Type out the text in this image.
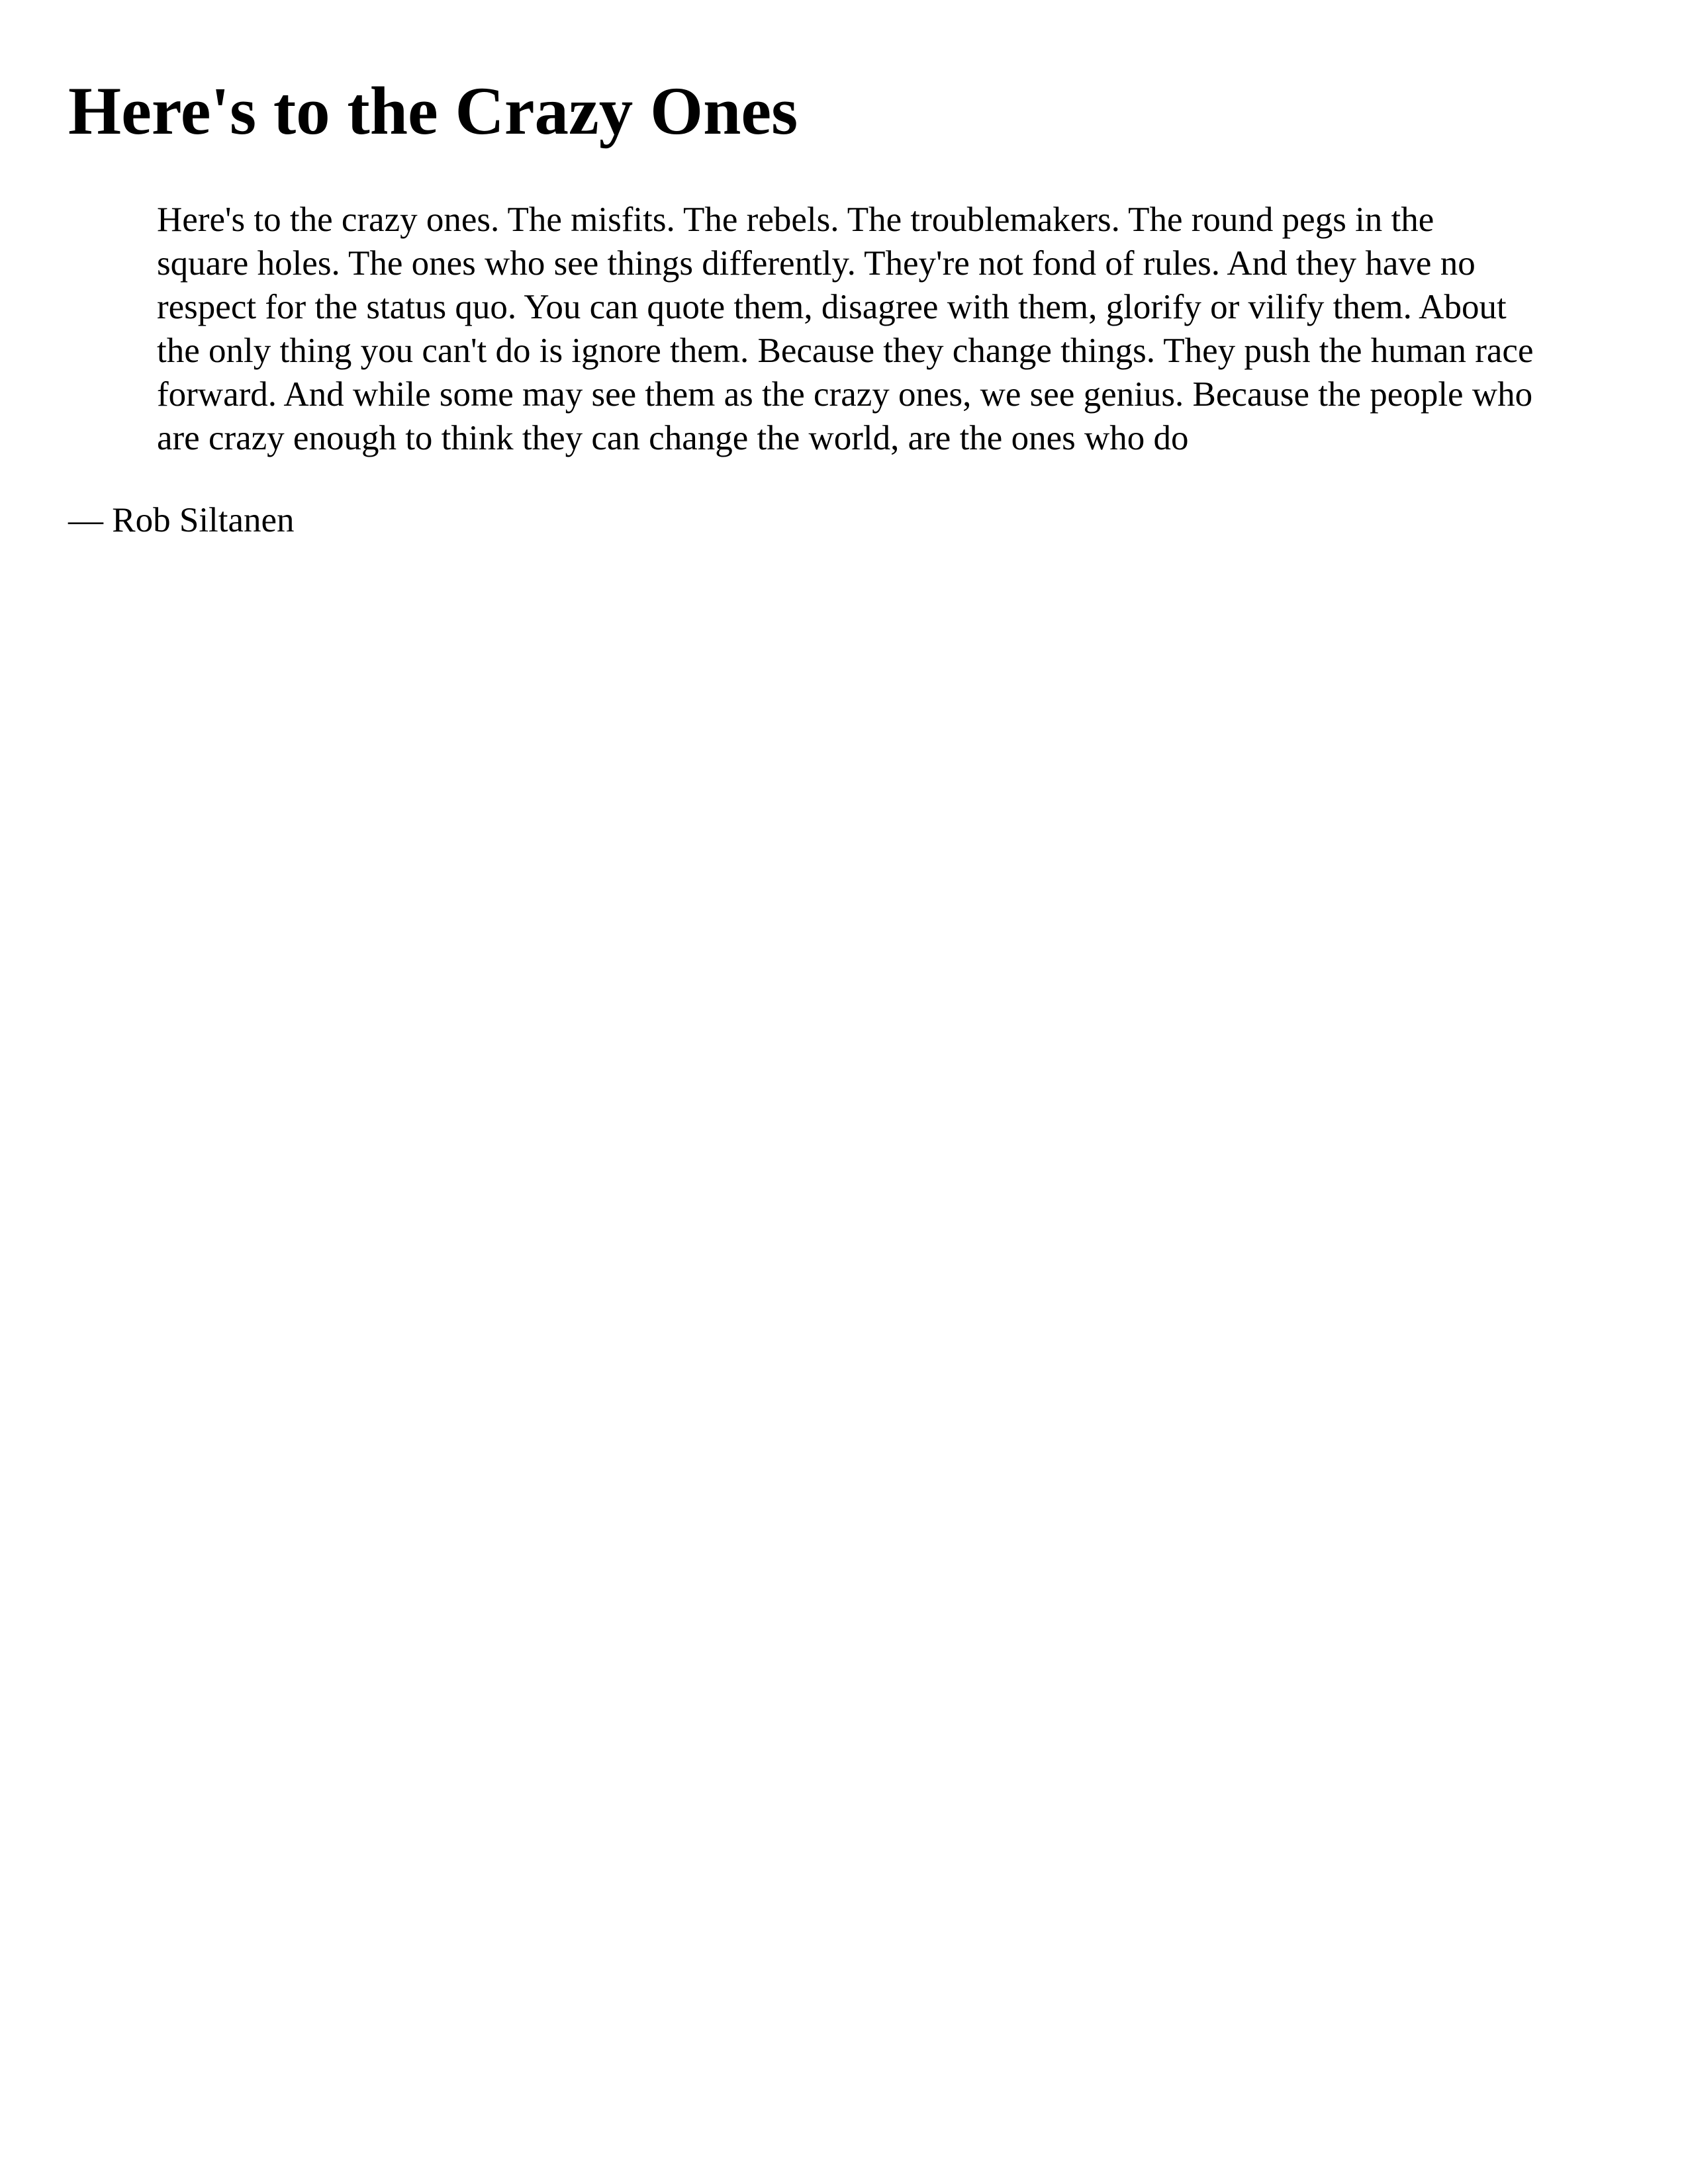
Here's to the Crazy Ones

Here's to the crazy ones. The misfits. The rebels. The troublemakers. The round pegs in the square holes. The ones who see things differently. They're not fond of rules. And they have no respect for the status quo. You can quote them, disagree with them, glorify or vilify them. About the only thing you can't do is ignore them. Because they change things. They push the human race forward. And while some may see them as the crazy ones, we see genius. Because the people who are crazy enough to think they can change the world, are the ones who do

— Rob Siltanen
